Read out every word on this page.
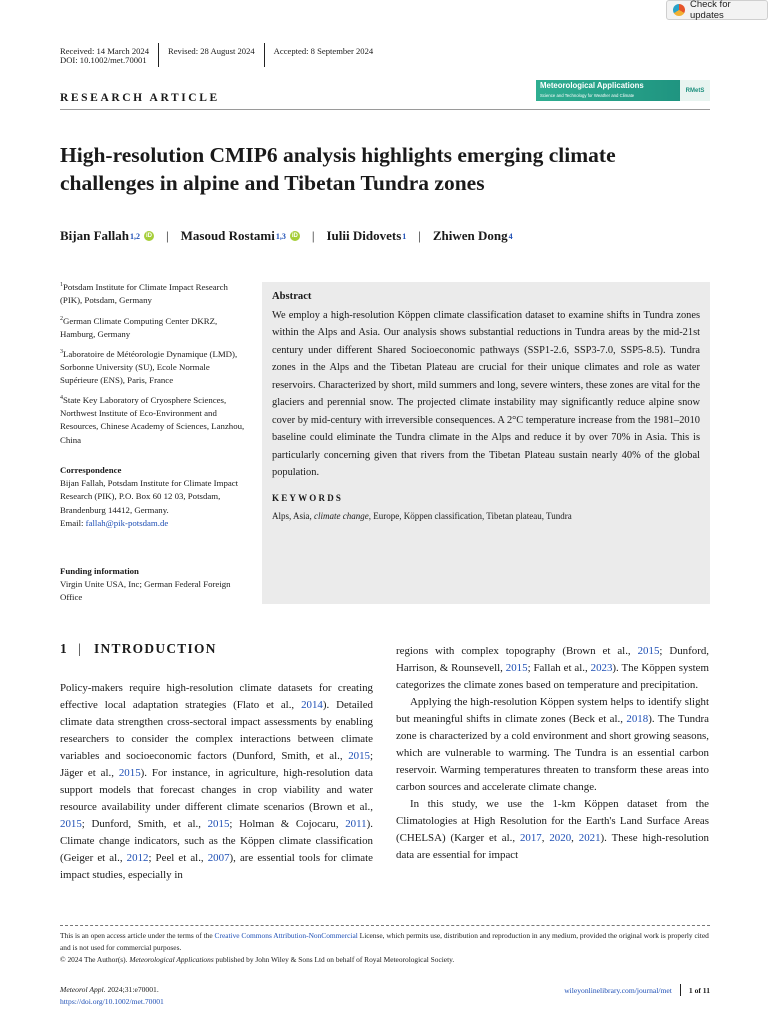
Check for updates
Received: 14 March 2024 Revised: 28 August 2024 Accepted: 8 September 2024
DOI: 10.1002/met.70001
Meteorological Applications
Science and Technology for Weather and Climate
RMetS
RESEARCH ARTICLE
High-resolution CMIP6 analysis highlights emerging climate challenges in alpine and Tibetan Tundra zones
Bijan Fallah 1,2	iD | Masoud Rostami 1,3	iD | Iulii Didovets 1 | Zhiwen Dong 4
$^1$Potsdam Institute for Climate Impact Research (PIK), Potsdam, Germany
$^2$German Climate Computing Center DKRZ, Hamburg, Germany
$^3$Laboratoire de Météorologie Dynamique (LMD), Sorbonne University (SU), Ecole Normale Supérieure (ENS), Paris, France
$^4$State Key Laboratory of Cryosphere Sciences, Northwest Institute of Eco-Environment and Resources, Chinese Academy of Sciences, Lanzhou, China
Correspondence
Bijan Fallah, Potsdam Institute for Climate Impact Research (PIK), P.O. Box 60 12 03, Potsdam, Brandenburg 14412, Germany.
Email: fallah@pik-potsdam.de
Funding information
Virgin Unite USA, Inc; German Federal Foreign Office
Abstract
We employ a high-resolution Köppen climate classification dataset to examine shifts in Tundra zones within the Alps and Asia. Our analysis shows substantial reductions in Tundra areas by the mid-21st century under different Shared Socioeconomic pathways (SSP1-2.6, SSP3-7.0, SSP5-8.5). Tundra zones in the Alps and the Tibetan Plateau are crucial for their unique climates and role as water reservoirs. Characterized by short, mild summers and long, severe winters, these zones are vital for the glaciers and perennial snow. The projected climate instability may significantly reduce alpine snow cover by mid-century with irreversible consequences. A 2°C temperature increase from the 1981–2010 baseline could eliminate the Tundra climate in the Alps and reduce it by over 70% in Asia. This is particularly concerning given that rivers from the Tibetan Plateau sustain nearly 40% of the global population.
KEYWORDS
Alps, Asia, climate change, Europe, Köppen classification, Tibetan plateau, Tundra
1 | INTRODUCTION

Policy-makers require high-resolution climate datasets for creating effective local adaptation strategies (Flato et al., 2014). Detailed climate data strengthen cross-sectoral impact assessments by enabling researchers to consider the complex interactions between climate variables and socioeconomic factors (Dunford, Smith, et al., 2015; Jäger et al., 2015). For instance, in agriculture, high-resolution data support models that forecast changes in crop viability and water resource availability under different climate scenarios (Brown et al., 2015; Dunford, Smith, et al., 2015; Holman & Cojocaru, 2011). Climate change indicators, such as the Köppen climate classification (Geiger et al., 2012; Peel et al., 2007), are essential tools for climate impact studies, especially in

regions with complex topography (Brown et al., 2015; Dunford, Harrison, & Rounsevell, 2015; Fallah et al., 2023). The Köppen system categorizes the climate zones based on temperature and precipitation.

Applying the high-resolution Köppen system helps to identify slight but meaningful shifts in climate zones (Beck et al., 2018). The Tundra zone is characterized by a cold environment and short growing seasons, which are vulnerable to warming. The Tundra is an essential carbon reservoir. Warming temperatures threaten to transform these areas into carbon sources and accelerate climate change.

In this study, we use the 1-km Köppen dataset from the Climatologies at High Resolution for the Earth's Land Surface Areas (CHELSA) (Karger et al., 2017, 2020, 2021). These high-resolution data are essential for impact

This is an open access article under the terms of the Creative Commons Attribution-NonCommercial License, which permits use, distribution and reproduction in any medium, provided the original work is properly cited and is not used for commercial purposes.
© 2024 The Author(s). Meteorological Applications published by John Wiley & Sons Ltd on behalf of Royal Meteorological Society.
Meteorol Appl. 2024;31:e70001.
https://doi.org/10.1002/met.70001
wileyonlinelibrary.com/journal/met 1 of 11
